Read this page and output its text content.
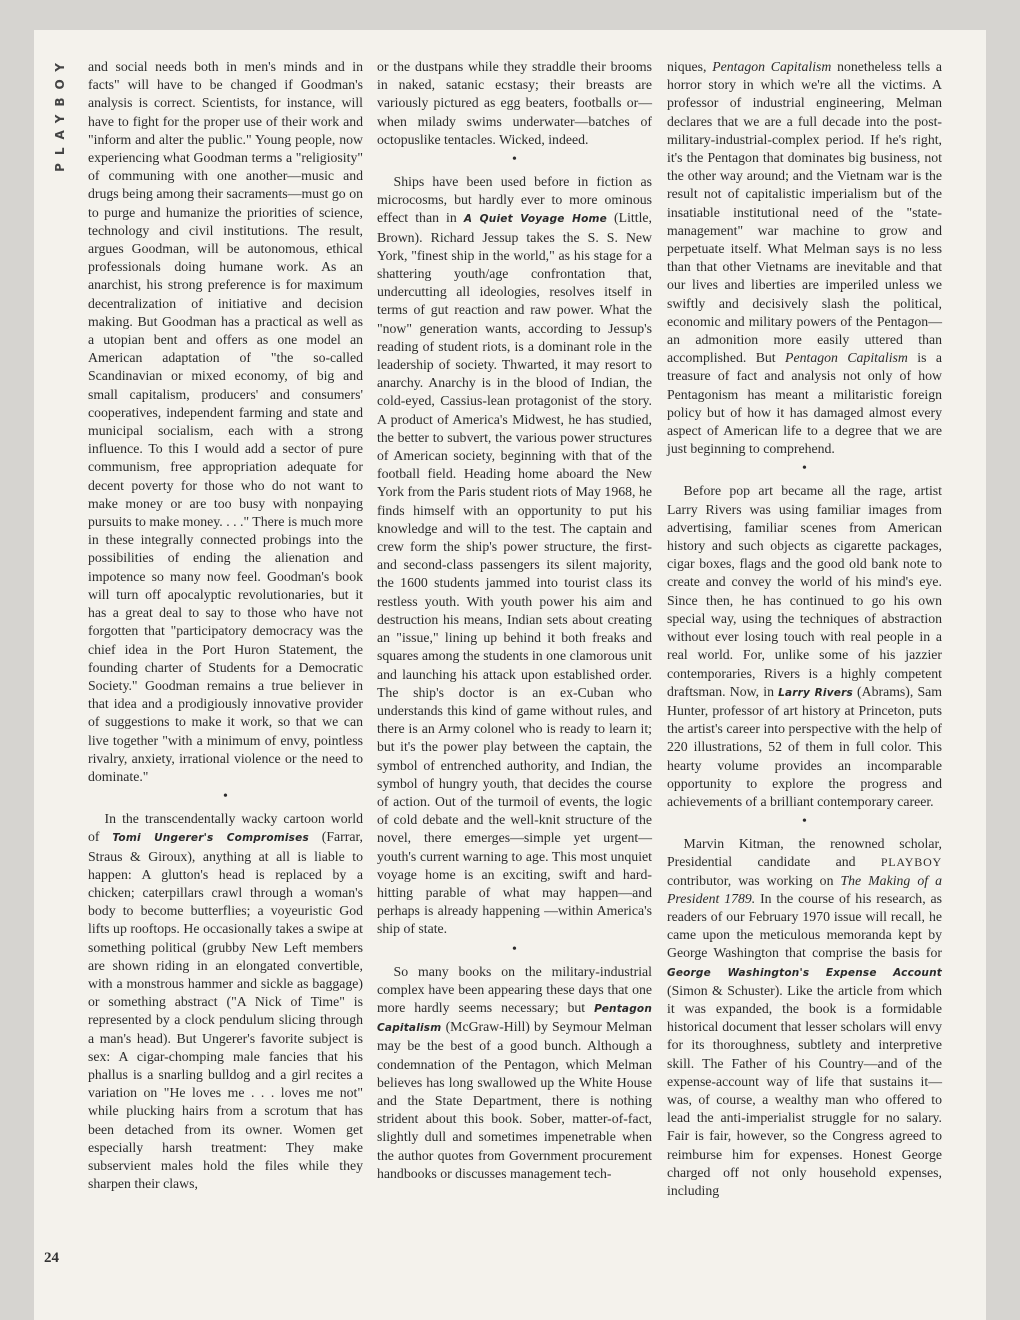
PLAYBOY
24

and social needs both in men's minds and in facts" will have to be changed if Goodman's analysis is correct. Scientists, for instance, will have to fight for the proper use of their work and "inform and alter the public." Young people, now experiencing what Goodman terms a "religiosity" of communing with one another—music and drugs being among their sacraments—must go on to purge and humanize the priorities of science, technology and civil institutions. The result, argues Goodman, will be autonomous, ethical professionals doing humane work. As an anarchist, his strong preference is for maximum decentralization of initiative and decision making. But Goodman has a practical as well as a utopian bent and offers as one model an American adaptation of "the so-called Scandinavian or mixed economy, of big and small capitalism, producers' and consumers' cooperatives, independent farming and state and municipal socialism, each with a strong influence. To this I would add a sector of pure communism, free appropriation adequate for decent poverty for those who do not want to make money or are too busy with nonpaying pursuits to make money. . . ." There is much more in these integrally connected probings into the possibilities of ending the alienation and impotence so many now feel. Goodman's book will turn off apocalyptic revolutionaries, but it has a great deal to say to those who have not forgotten that "participatory democracy was the chief idea in the Port Huron Statement, the founding charter of Students for a Democratic Society." Goodman remains a true believer in that idea and a prodigiously innovative provider of suggestions to make it work, so that we can live together "with a minimum of envy, pointless rivalry, anxiety, irrational violence or the need to dominate."

•

In the transcendentally wacky cartoon world of Tomi Ungerer's Compromises (Farrar, Straus & Giroux), anything at all is liable to happen: A glutton's head is replaced by a chicken; caterpillars crawl through a woman's body to become butterflies; a voyeuristic God lifts up rooftops. He occasionally takes a swipe at something political (grubby New Left members are shown riding in an elongated convertible, with a monstrous hammer and sickle as baggage) or something abstract ("A Nick of Time" is represented by a clock pendulum slicing through a man's head). But Ungerer's favorite subject is sex: A cigar-chomping male fancies that his phallus is a snarling bulldog and a girl recites a variation on "He loves me . . . loves me not" while plucking hairs from a scrotum that has been detached from its owner. Women get especially harsh treatment: They make subservient males hold the files while they sharpen their claws,

or the dustpans while they straddle their brooms in naked, satanic ecstasy; their breasts are variously pictured as egg beaters, footballs or—when milady swims underwater—batches of octopuslike tentacles. Wicked, indeed.

•

Ships have been used before in fiction as microcosms, but hardly ever to more ominous effect than in A Quiet Voyage Home (Little, Brown). Richard Jessup takes the S. S. New York, "finest ship in the world," as his stage for a shattering youth/age confrontation that, undercutting all ideologies, resolves itself in terms of gut reaction and raw power. What the "now" generation wants, according to Jessup's reading of student riots, is a dominant role in the leadership of society. Thwarted, it may resort to anarchy. Anarchy is in the blood of Indian, the cold-eyed, Cassius-lean protagonist of the story. A product of America's Midwest, he has studied, the better to subvert, the various power structures of American society, beginning with that of the football field. Heading home aboard the New York from the Paris student riots of May 1968, he finds himself with an opportunity to put his knowledge and will to the test. The captain and crew form the ship's power structure, the first- and second-class passengers its silent majority, the 1600 students jammed into tourist class its restless youth. With youth power his aim and destruction his means, Indian sets about creating an "issue," lining up behind it both freaks and squares among the students in one clamorous unit and launching his attack upon established order. The ship's doctor is an ex-Cuban who understands this kind of game without rules, and there is an Army colonel who is ready to learn it; but it's the power play between the captain, the symbol of entrenched authority, and Indian, the symbol of hungry youth, that decides the course of action. Out of the turmoil of events, the logic of cold debate and the well-knit structure of the novel, there emerges—simple yet urgent—youth's current warning to age. This most unquiet voyage home is an exciting, swift and hard-hitting parable of what may happen—and perhaps is already happening —within America's ship of state.

•

So many books on the military-industrial complex have been appearing these days that one more hardly seems necessary; but Pentagon Capitalism (McGraw-Hill) by Seymour Melman may be the best of a good bunch. Although a condemnation of the Pentagon, which Melman believes has long swallowed up the White House and the State Department, there is nothing strident about this book. Sober, matter-of-fact, slightly dull and sometimes impenetrable when the author quotes from Government procurement handbooks or discusses management tech-

niques, Pentagon Capitalism nonetheless tells a horror story in which we're all the victims. A professor of industrial engineering, Melman declares that we are a full decade into the post-military-industrial-complex period. If he's right, it's the Pentagon that dominates big business, not the other way around; and the Vietnam war is the result not of capitalistic imperialism but of the insatiable institutional need of the "state-management" war machine to grow and perpetuate itself. What Melman says is no less than that other Vietnams are inevitable and that our lives and liberties are imperiled unless we swiftly and decisively slash the political, economic and military powers of the Pentagon—an admonition more easily uttered than accomplished. But Pentagon Capitalism is a treasure of fact and analysis not only of how Pentagonism has meant a militaristic foreign policy but of how it has damaged almost every aspect of American life to a degree that we are just beginning to comprehend.

•

Before pop art became all the rage, artist Larry Rivers was using familiar images from advertising, familiar scenes from American history and such objects as cigarette packages, cigar boxes, flags and the good old bank note to create and convey the world of his mind's eye. Since then, he has continued to go his own special way, using the techniques of abstraction without ever losing touch with real people in a real world. For, unlike some of his jazzier contemporaries, Rivers is a highly competent draftsman. Now, in Larry Rivers (Abrams), Sam Hunter, professor of art history at Princeton, puts the artist's career into perspective with the help of 220 illustrations, 52 of them in full color. This hearty volume provides an incomparable opportunity to explore the progress and achievements of a brilliant contemporary career.

•

Marvin Kitman, the renowned scholar, Presidential candidate and PLAYBOY contributor, was working on The Making of a President 1789. In the course of his research, as readers of our February 1970 issue will recall, he came upon the meticulous memoranda kept by George Washington that comprise the basis for George Washington's Expense Account (Simon & Schuster). Like the article from which it was expanded, the book is a formidable historical document that lesser scholars will envy for its thoroughness, subtlety and interpretive skill. The Father of his Country—and of the expense-account way of life that sustains it—was, of course, a wealthy man who offered to lead the anti-imperialist struggle for no salary. Fair is fair, however, so the Congress agreed to reimburse him for expenses. Honest George charged off not only household expenses, including
